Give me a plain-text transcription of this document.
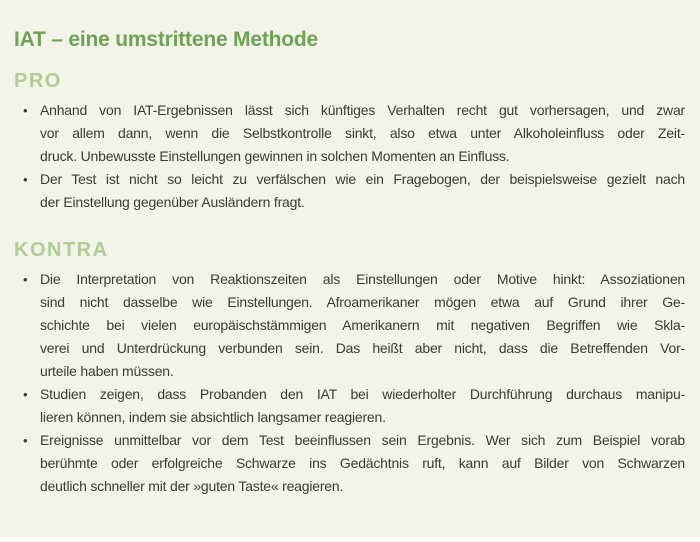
IAT – eine umstrittene Methode
PRO
• Anhand von IAT-Ergebnissen lässt sich künftiges Verhalten recht gut vorhersagen, und zwar
vor allem dann, wenn die Selbstkontrolle sinkt, also etwa unter Alkoholeinfluss oder Zeit-
druck. Unbewusste Einstellungen gewinnen in solchen Momenten an Einfluss.
• Der Test ist nicht so leicht zu verfälschen wie ein Fragebogen, der beispielsweise gezielt nach
der Einstellung gegenüber Ausländern fragt.
KONTRA
• Die Interpretation von Reaktionszeiten als Einstellungen oder Motive hinkt: Assoziationen
sind nicht dasselbe wie Einstellungen. Afroamerikaner mögen etwa auf Grund ihrer Ge-
schichte bei vielen europäischstämmigen Amerikanern mit negativen Begriffen wie Skla-
verei und Unterdrückung verbunden sein. Das heißt aber nicht, dass die Betreffenden Vor-
urteile haben müssen.
• Studien zeigen, dass Probanden den IAT bei wiederholter Durchführung durchaus manipu-
lieren können, indem sie absichtlich langsamer reagieren.
• Ereignisse unmittelbar vor dem Test beeinflussen sein Ergebnis. Wer sich zum Beispiel vorab
berühmte oder erfolgreiche Schwarze ins Gedächtnis ruft, kann auf Bilder von Schwarzen
deutlich schneller mit der »guten Taste« reagieren.
